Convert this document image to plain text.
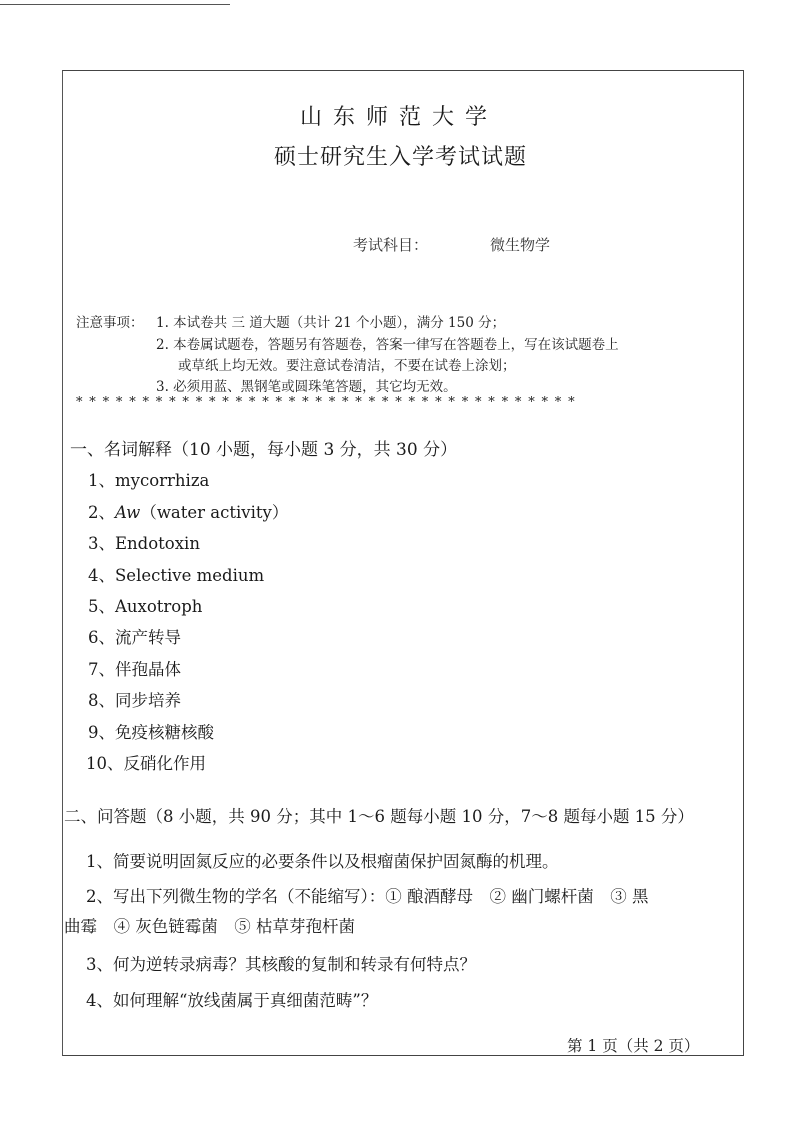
山东师范大学
硕士研究生入学考试试题
考试科目：	微生物学
注意事项： 1. 本试卷共 三 道大题（共计 21 个小题），满分 150 分；
2. 本卷属试题卷，答题另有答题卷，答案一律写在答题卷上，写在该试题卷上
或草纸上均无效。要注意试卷清洁，不要在试卷上涂划；
3. 必须用蓝、黑钢笔或圆珠笔答题，其它均无效。
**************************************
一、名词解释（10 小题，每小题 3 分，共 30 分）
1、mycorrhiza
2、Aw（water activity）
3、Endotoxin
4、Selective medium
5、Auxotroph
6、流产转导
7、伴孢晶体
8、同步培养
9、免疫核糖核酸
10、反硝化作用
二、问答题（8 小题，共 90 分；其中 1～6 题每小题 10 分，7～8 题每小题 15 分）
1、简要说明固氮反应的必要条件以及根瘤菌保护固氮酶的机理。
2、写出下列微生物的学名（不能缩写）：① 酿酒酵母　② 幽门螺杆菌　③ 黑
曲霉　④ 灰色链霉菌　⑤ 枯草芽孢杆菌
3、何为逆转录病毒？其核酸的复制和转录有何特点？
4、如何理解“放线菌属于真细菌范畴”？
第 1 页（共 2 页）
